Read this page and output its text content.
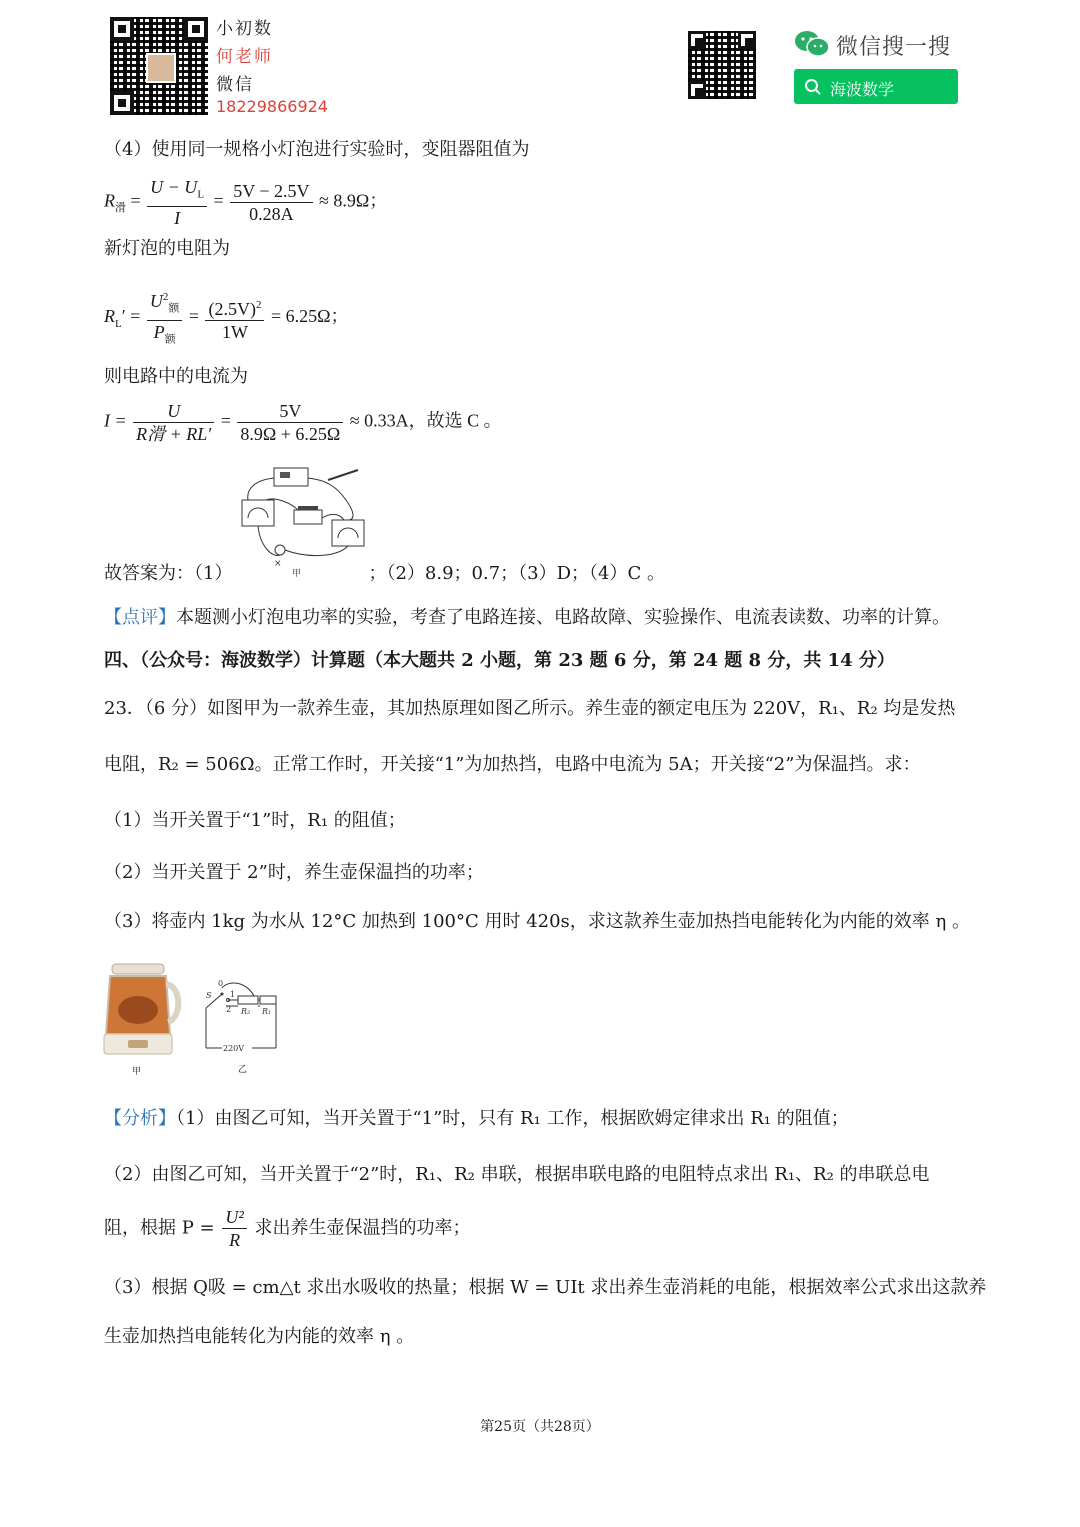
小初数
何老师
微信
18229866924
微信搜一搜
海波数学
（4）使用同一规格小灯泡进行实验时，变阻器阻值为
$R_滑 = \frac{U - U_L}{I} = \frac{5V - 2.5V}{0.28A} \approx 8.9\Omega$；
新灯泡的电阻为
$R_L' = \frac{U^2_额}{P_额} = \frac{(2.5V)^2}{1W} = 6.25\Omega$；
则电路中的电流为
$I = \frac{U}{\text{R滑 + RL′}} = \frac{5V}{8.9\Omega + 6.25\Omega} \approx 0.33A$，故选 C 。
×
甲
故答案为：（1）	；（2）8.9；0.7；（3）D；（4）C 。
【点评】本题测小灯泡电功率的实验，考查了电路连接、电路故障、实验操作、电流表读数、功率的计算。
四、（公众号：海波数学）计算题（本大题共 2 小题，第 23 题 6 分，第 24 题 8 分，共 14 分）
23．（6 分）如图甲为一款养生壶，其加热原理如图乙所示。养生壶的额定电压为 220V，R₁、R₂ 均是发热
电阻，R₂ = 506Ω。正常工作时，开关接“1”为加热挡，电路中电流为 5A；开关接“2”为保温挡。求：
（1）当开关置于“1”时，R₁ 的阻值；
（2）当开关置于 2”时，养生壶保温挡的功率；
（3）将壶内 1kg 为水从 12°C 加热到 100°C 用时 420s，求这款养生壶加热挡电能转化为内能的效率 η 。
甲
R₂ R₁
S
0
1
2
220V
乙
【分析】（1）由图乙可知，当开关置于“1”时，只有 R₁ 工作，根据欧姆定律求出 R₁ 的阻值；
（2）由图乙可知，当开关置于“2”时，R₁、R₂ 串联，根据串联电路的电阻特点求出 R₁、R₂ 的串联总电
阻，根据 $P = \frac{\text{U²}}{R}$ 求出养生壶保温挡的功率；
（3）根据 Q吸 = cm△t 求出水吸收的热量；根据 W = UIt 求出养生壶消耗的电能，根据效率公式求出这款养
生壶加热挡电能转化为内能的效率 η 。
第25页（共28页）
